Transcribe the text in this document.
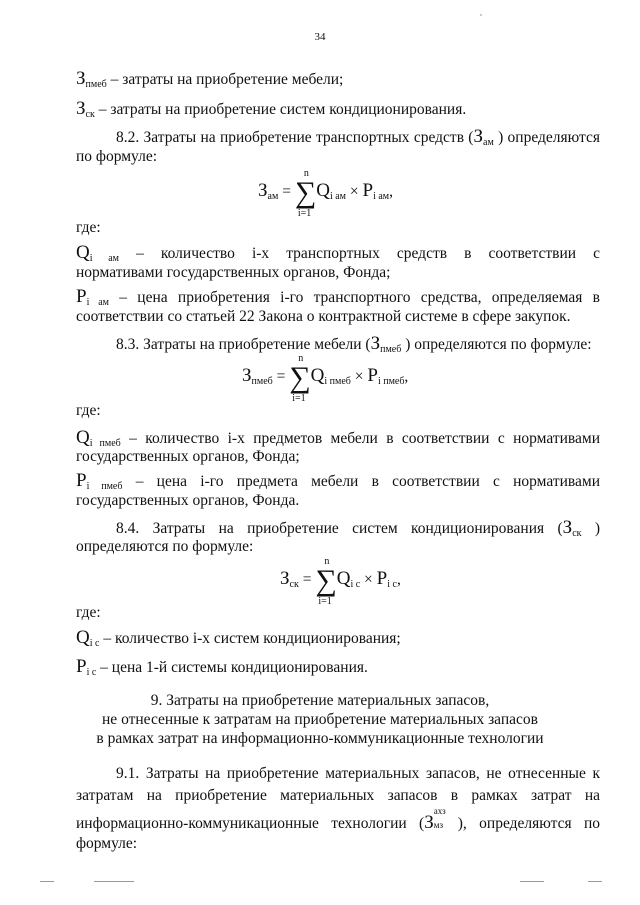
34
$З_{пмеб}$ – затраты на приобретение мебели;
$З_{ск}$ – затраты на приобретение систем кондиционирования.
8.2. Затраты на приобретение транспортных средств ($З_{ам}$ ) определяются
по формуле:
$З_{ам}$ = ∑
n
i=1
$Q_{i ам} \times P_{i ам}$,
где:
$Q_{i ам}$ – количество i-х транспортных средств в соответствии с
нормативами государственных органов, Фонда;
$P_{i ам}$ – цена приобретения i-го транспортного средства, определяемая в
соответствии со статьей 22 Закона о контрактной системе в сфере закупок.
8.3. Затраты на приобретение мебели ($З_{пмеб}$ ) определяются по формуле:
$З_{пмеб}$ = ∑
n
i=1
$Q_{i пмеб} \times P_{i пмеб}$,
где:
$Q_{i пмеб}$ – количество i-х предметов мебели в соответствии с нормативами
государственных органов, Фонда;
$P_{i пмеб}$ – цена i-го предмета мебели в соответствии с нормативами
государственных органов, Фонда.
8.4. Затраты на приобретение систем кондиционирования ($З_{ск}$ )
определяются по формуле:
$З_{ск}$ = ∑
n
i=1
$Q_{i с} \times P_{i с}$,
где:
$Q_{i с}$ – количество i-х систем кондиционирования;
$P_{i с}$ – цена 1-й системы кондиционирования.
9. Затраты на приобретение материальных запасов,
не отнесенные к затратам на приобретение материальных запасов
в рамках затрат на информационно-коммуникационные технологии
9.1. Затраты на приобретение материальных запасов, не отнесенные к
затратам на приобретение материальных запасов в рамках затрат на
информационно-коммуникационные технологии (З
ахз
мз ), определяются по
формуле:
